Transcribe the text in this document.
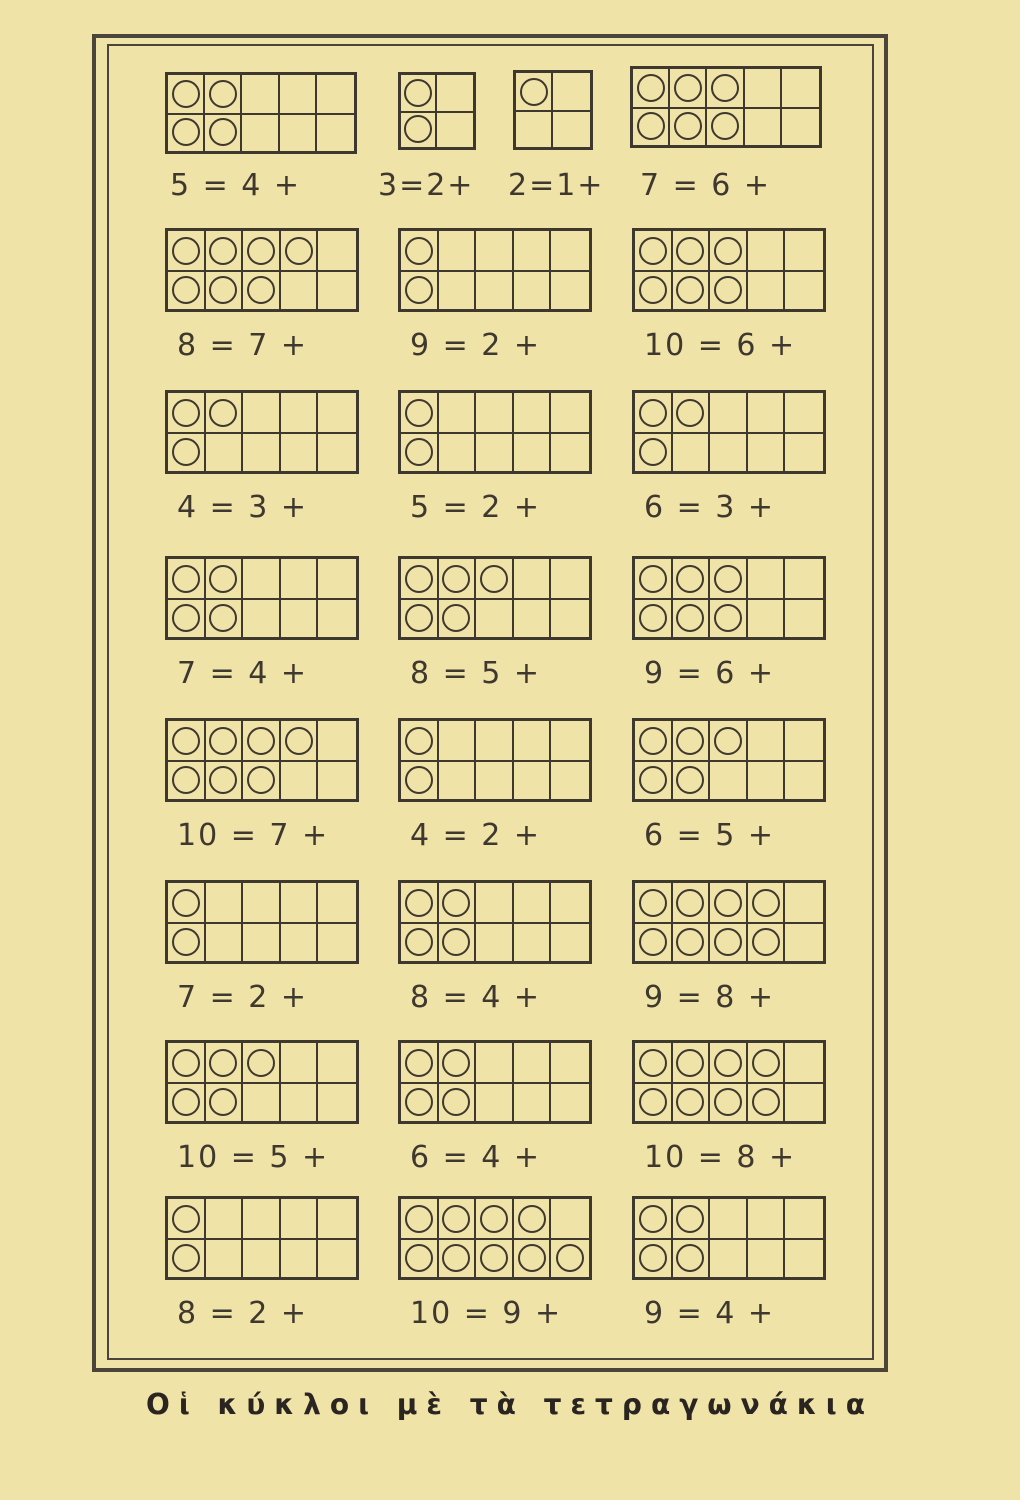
5 = 4 +	3=2+ 2=1+ 7 = 6 +
8 = 7 +	9 = 2 +	10 = 6 +
4 = 3 +	5 = 2 +	6 = 3 +
7 = 4 +	8 = 5 +	9 = 6 +
10 = 7 +	4 = 2 +	6 = 5 +
7 = 2 +	8 = 4 +	9 = 8 +
10 = 5 +	6 = 4 +	10 = 8 +
8 = 2 +	10 = 9 +	9 = 4 +
Οἱ κύκλοι μὲ τὰ τετραγωνάκια
